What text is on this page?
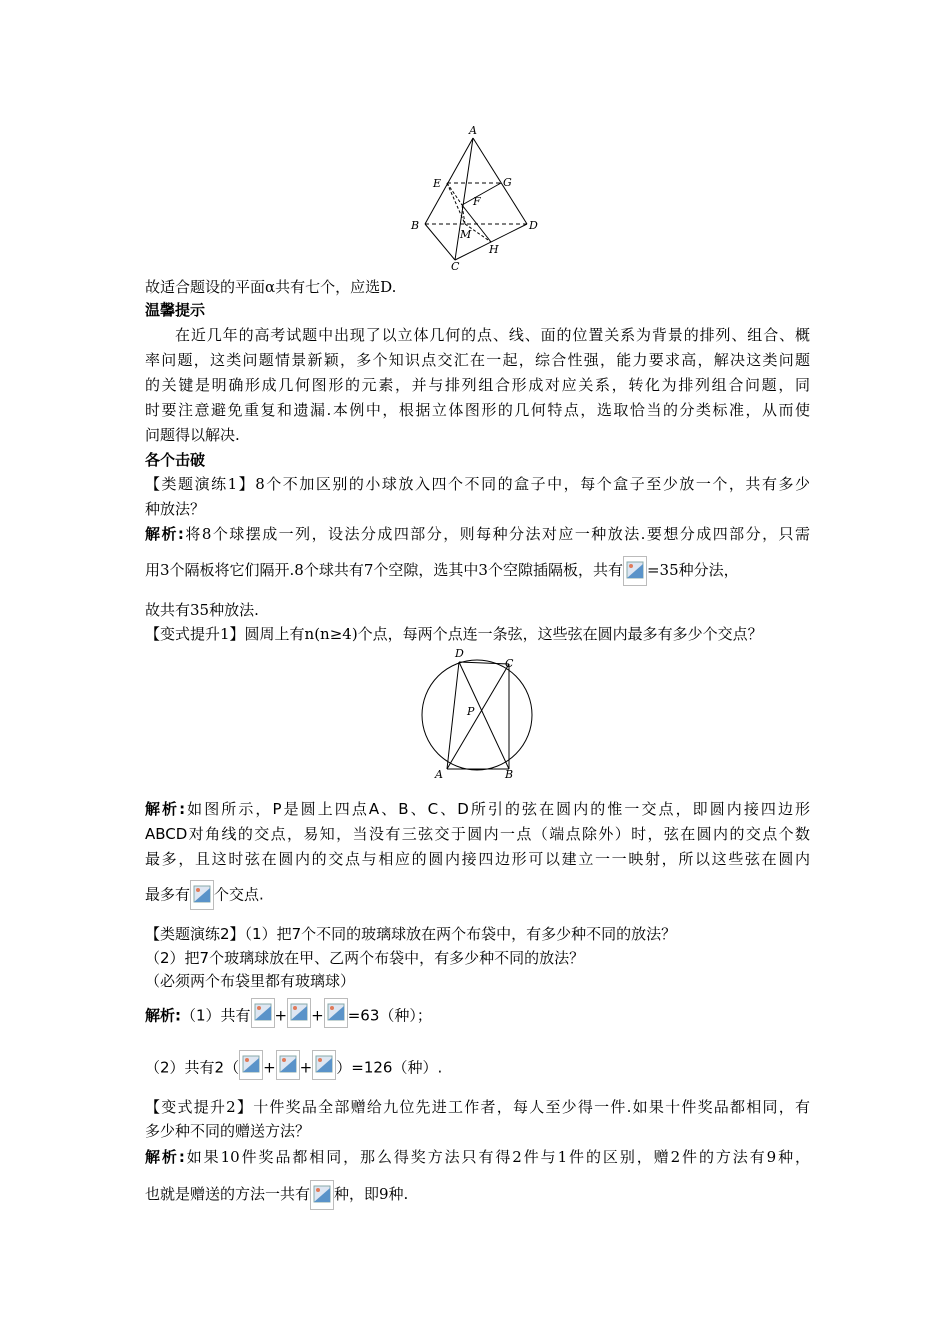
A
E	G
F
B	D
M
H
C
故适合题设的平面α共有七个，应选D.
温馨提示
在近几年的高考试题中出现了以立体几何的点、线、面的位置关系为背景的排列、组合、概
率问题，这类问题情景新颖，多个知识点交汇在一起，综合性强，能力要求高，解决这类问题
的关键是明确形成几何图形的元素，并与排列组合形成对应关系，转化为排列组合问题，同
时要注意避免重复和遗漏.本例中，根据立体图形的几何特点，选取恰当的分类标准，从而使
问题得以解决.
各个击破
【类题演练1】8个不加区别的小球放入四个不同的盒子中，每个盒子至少放一个，共有多少
种放法？
解析:将8个球摆成一列，设法分成四部分，则每种分法对应一种放法.要想分成四部分，只需
用3个隔板将它们隔开.8个球共有7个空隙，选其中3个空隙插隔板，共有 =35种分法，
故共有35种放法.
【变式提升1】圆周上有n(n≥4)个点，每两个点连一条弦，这些弦在圆内最多有多少个交点？
D
C
P
A	B
解析:如图所示，P是圆上四点A、B、C、D所引的弦在圆内的惟一交点，即圆内接四边形
ABCD对角线的交点，易知，当没有三弦交于圆内一点（端点除外）时，弦在圆内的交点个数
最多，且这时弦在圆内的交点与相应的圆内接四边形可以建立一一映射，所以这些弦在圆内
最多有 个交点.
【类题演练2】（1）把7个不同的玻璃球放在两个布袋中，有多少种不同的放法？
（2）把7个玻璃球放在甲、乙两个布袋中，有多少种不同的放法？
（必须两个布袋里都有玻璃球）
解析:（1）共有 + + =63（种）；
（2）共有2（ + + ）=126（种）.
【变式提升2】十件奖品全部赠给九位先进工作者，每人至少得一件.如果十件奖品都相同，有
多少种不同的赠送方法？
解析:如果10件奖品都相同，那么得奖方法只有得2件与1件的区别，赠2件的方法有9种，
也就是赠送的方法一共有 种，即9种.
